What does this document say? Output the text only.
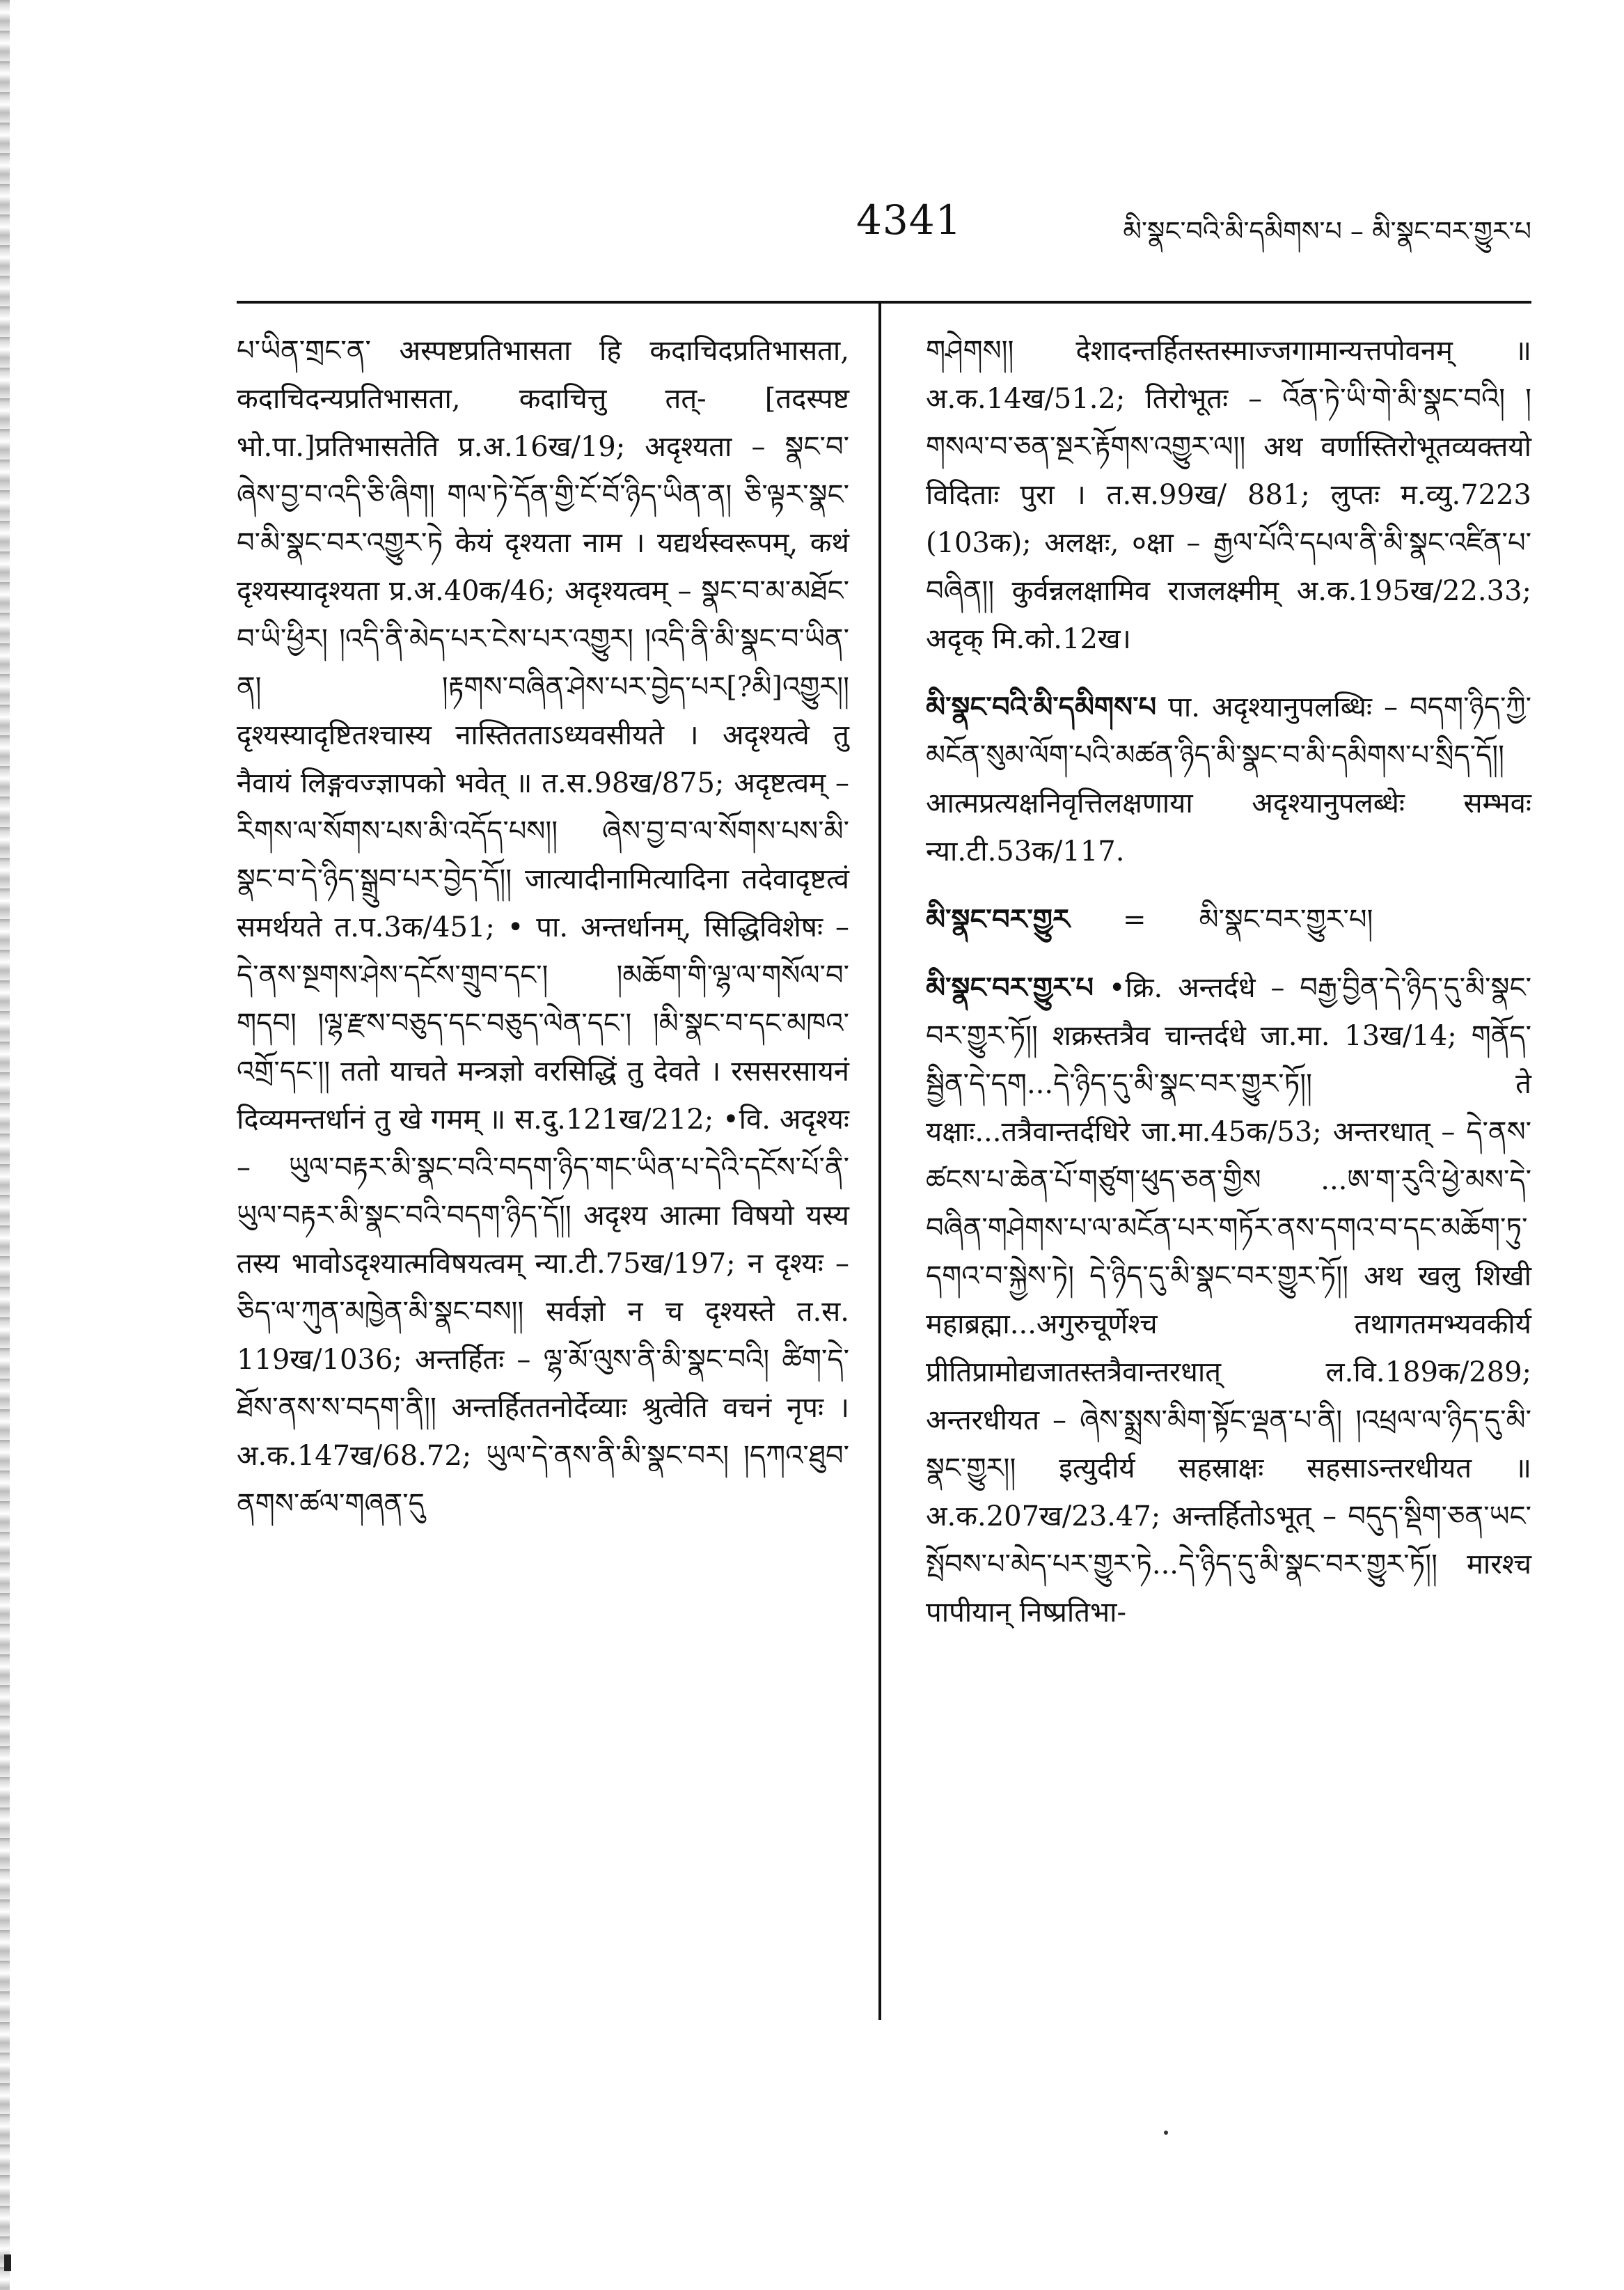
4341	མི་སྣང་བའི་མི་དམིགས་པ – མི་སྣང་བར་གྱུར་པ

པ་ཡིན་གྲང་ན་ अस्पष्टप्रतिभासता हि कदाचिदप्रतिभासता, कदाचिदन्यप्रतिभासता, कदाचित्तु तत्- [तदस्पष्ट भो.पा.]प्रतिभासतेति प्र.अ.16ख/19; अदृश्यता – སྣང་བ་ཞེས་བྱ་བ་འདི་ཅི་ཞིག། གལ་ཏེ་དོན་གྱི་ངོ་བོ་ཉིད་ཡིན་ན། ཅི་ལྟར་སྣང་བ་མི་སྣང་བར་འགྱུར་ཏེ केयं दृश्यता नाम । यद्यर्थस्वरूपम्, कथं दृश्यस्यादृश्यता प्र.अ.40क/46; अदृश्यत्वम् – སྣང་བ་མ་མཐོང་བ་ཡི་ཕྱིར། །འདི་ནི་མེད་པར་ངེས་པར་འགྱུར། །འདི་ནི་མི་སྣང་བ་ཡིན་ན། །རྟགས་བཞིན་ཤེས་པར་བྱེད་པར[?མི]འགྱུར།། दृश्यस्यादृष्टितश्चास्य नास्तितताऽध्यवसीयते । अदृश्यत्वे तु नैवायं लिङ्गवज्ज्ञापको भवेत् ॥ त.स.98ख/875; अदृष्टत्वम् – རིགས་ལ་སོགས་པས་མི་འདོད་པས།། ཞེས་བྱ་བ་ལ་སོགས་པས་མི་སྣང་བ་དེ་ཉིད་སྒྲུབ་པར་བྱེད་དོ།། जात्यादीनामित्यादिना तदेवादृष्टत्वं समर्थयते त.प.3क/451; • पा. अन्तर्धानम्, सिद्धिविशेषः – དེ་ནས་སྔགས་ཤེས་དངོས་གྲུབ་དང་། །མཆོག་གི་ལྷ་ལ་གསོལ་བ་གདབ། །ལྷ་རྫས་བཅུད་དང་བཅུད་ལེན་དང་། །མི་སྣང་བ་དང་མཁའ་འགྲོ་དང་།། ततो याचते मन्त्रज्ञो वरसिद्धिं तु देवते । रससरसायनं दिव्यमन्तर्धानं तु खे गमम् ॥ स.दु.121ख/212; •वि. अदृश्यः – ཡུལ་བརྟར་མི་སྣང་བའི་བདག་ཉིད་གང་ཡིན་པ་དེའི་དངོས་པོ་ནི་ཡུལ་བརྟར་མི་སྣང་བའི་བདག་ཉིད་དོ།། अदृश्य आत्मा विषयो यस्य तस्य भावोऽदृश्यात्मविषयत्वम् न्या.टी.75ख/197; न दृश्यः – ཅིད་ལ་ཀུན་མཁྱེན་མི་སྣང་བས།། सर्वज्ञो न च दृश्यस्ते त.स. 119ख/1036; अन्तर्हितः – ལྷ་མོ་ལུས་ནི་མི་སྣང་བའི། ཚིག་དེ་ཐོས་ནས་ས་བདག་ནི།། अन्तर्हिततनोर्देव्याः श्रुत्वेति वचनं नृपः । अ.क.147ख/68.72; ཡུལ་དེ་ནས་ནི་མི་སྣང་བར། །དཀའ་ཐུབ་ནགས་ཚལ་གཞན་དུ

གཤེགས།། देशादन्तर्हितस्तस्माज्जगामान्यत्तपोवनम् ॥ अ.क.14ख/51.2; तिरोभूतः – འོན་ཏེ་ཡི་གེ་མི་སྣང་བའི། །གསལ་བ་ཅན་སྔར་རྟོགས་འགྱུར་ལ།། अथ वर्णास्तिरोभूतव्यक्तयो विदिताः पुरा । त.स.99ख/ 881; लुप्तः म.व्यु.7223 (103क); अलक्षः, ०क्षा – རྒྱལ་པོའི་དཔལ་ནི་མི་སྣང་འཛིན་པ་བཞིན།། कुर्वन्नलक्षामिव राजलक्ष्मीम् अ.क.195ख/22.33; अदृक् मि.को.12ख।

མི་སྣང་བའི་མི་དམིགས་པ पा. अदृश्यानुपलब्धिः – བདག་ཉིད་ཀྱི་མངོན་སུམ་ལོག་པའི་མཚན་ཉིད་མི་སྣང་བ་མི་དམིགས་པ་སྲིད་དོ།། आत्मप्रत्यक्षनिवृत्तिलक्षणाया अदृश्यानुपलब्धेः सम्भवः न्या.टी.53क/117.

མི་སྣང་བར་གྱུར = མི་སྣང་བར་གྱུར་པ།

མི་སྣང་བར་གྱུར་པ •क्रि. अन्तर्दधे – བརྒྱ་བྱིན་དེ་ཉིད་དུ་མི་སྣང་བར་གྱུར་ཏོ།། शक्रस्तत्रैव चान्तर्दधे जा.मा. 13ख/14; གནོད་སྦྱིན་དེ་དག...དེ་ཉིད་དུ་མི་སྣང་བར་གྱུར་ཏོ།། ते यक्षाः...तत्रैवान्तर्दधिरे जा.मा.45क/53; अन्तरधात् – དེ་ནས་ཚངས་པ་ཆེན་པོ་གཙུག་ཕུད་ཅན་གྱིས ...ཨ་ག་རུའི་ཕྱེ་མས་དེ་བཞིན་གཤེགས་པ་ལ་མངོན་པར་གཏོར་ནས་དགའ་བ་དང་མཆོག་ཏུ་དགའ་བ་སྐྱེས་ཏེ། དེ་ཉིད་དུ་མི་སྣང་བར་གྱུར་ཏོ།། अथ खलु शिखी महाब्रह्मा...अगुरुचूर्णेश्च तथागतमभ्यवकीर्य प्रीतिप्रामोद्यजातस्तत्रैवान्तरधात् ल.वि.189क/289; अन्तरधीयत – ཞེས་སྨྲས་མིག་སྟོང་ལྡན་པ་ནི། །འཕྲལ་ལ་ཉིད་དུ་མི་སྣང་གྱུར།། इत्युदीर्य सहस्राक्षः सहसाऽन्तरधीयत ॥ अ.क.207ख/23.47; अन्तर्हितोऽभूत् – བདུད་སྡིག་ཅན་ཡང་སྤོབས་པ་མེད་པར་གྱུར་ཏེ...དེ་ཉིད་དུ་མི་སྣང་བར་གྱུར་ཏོ།། मारश्च पापीयान् निष्प्रतिभा-
